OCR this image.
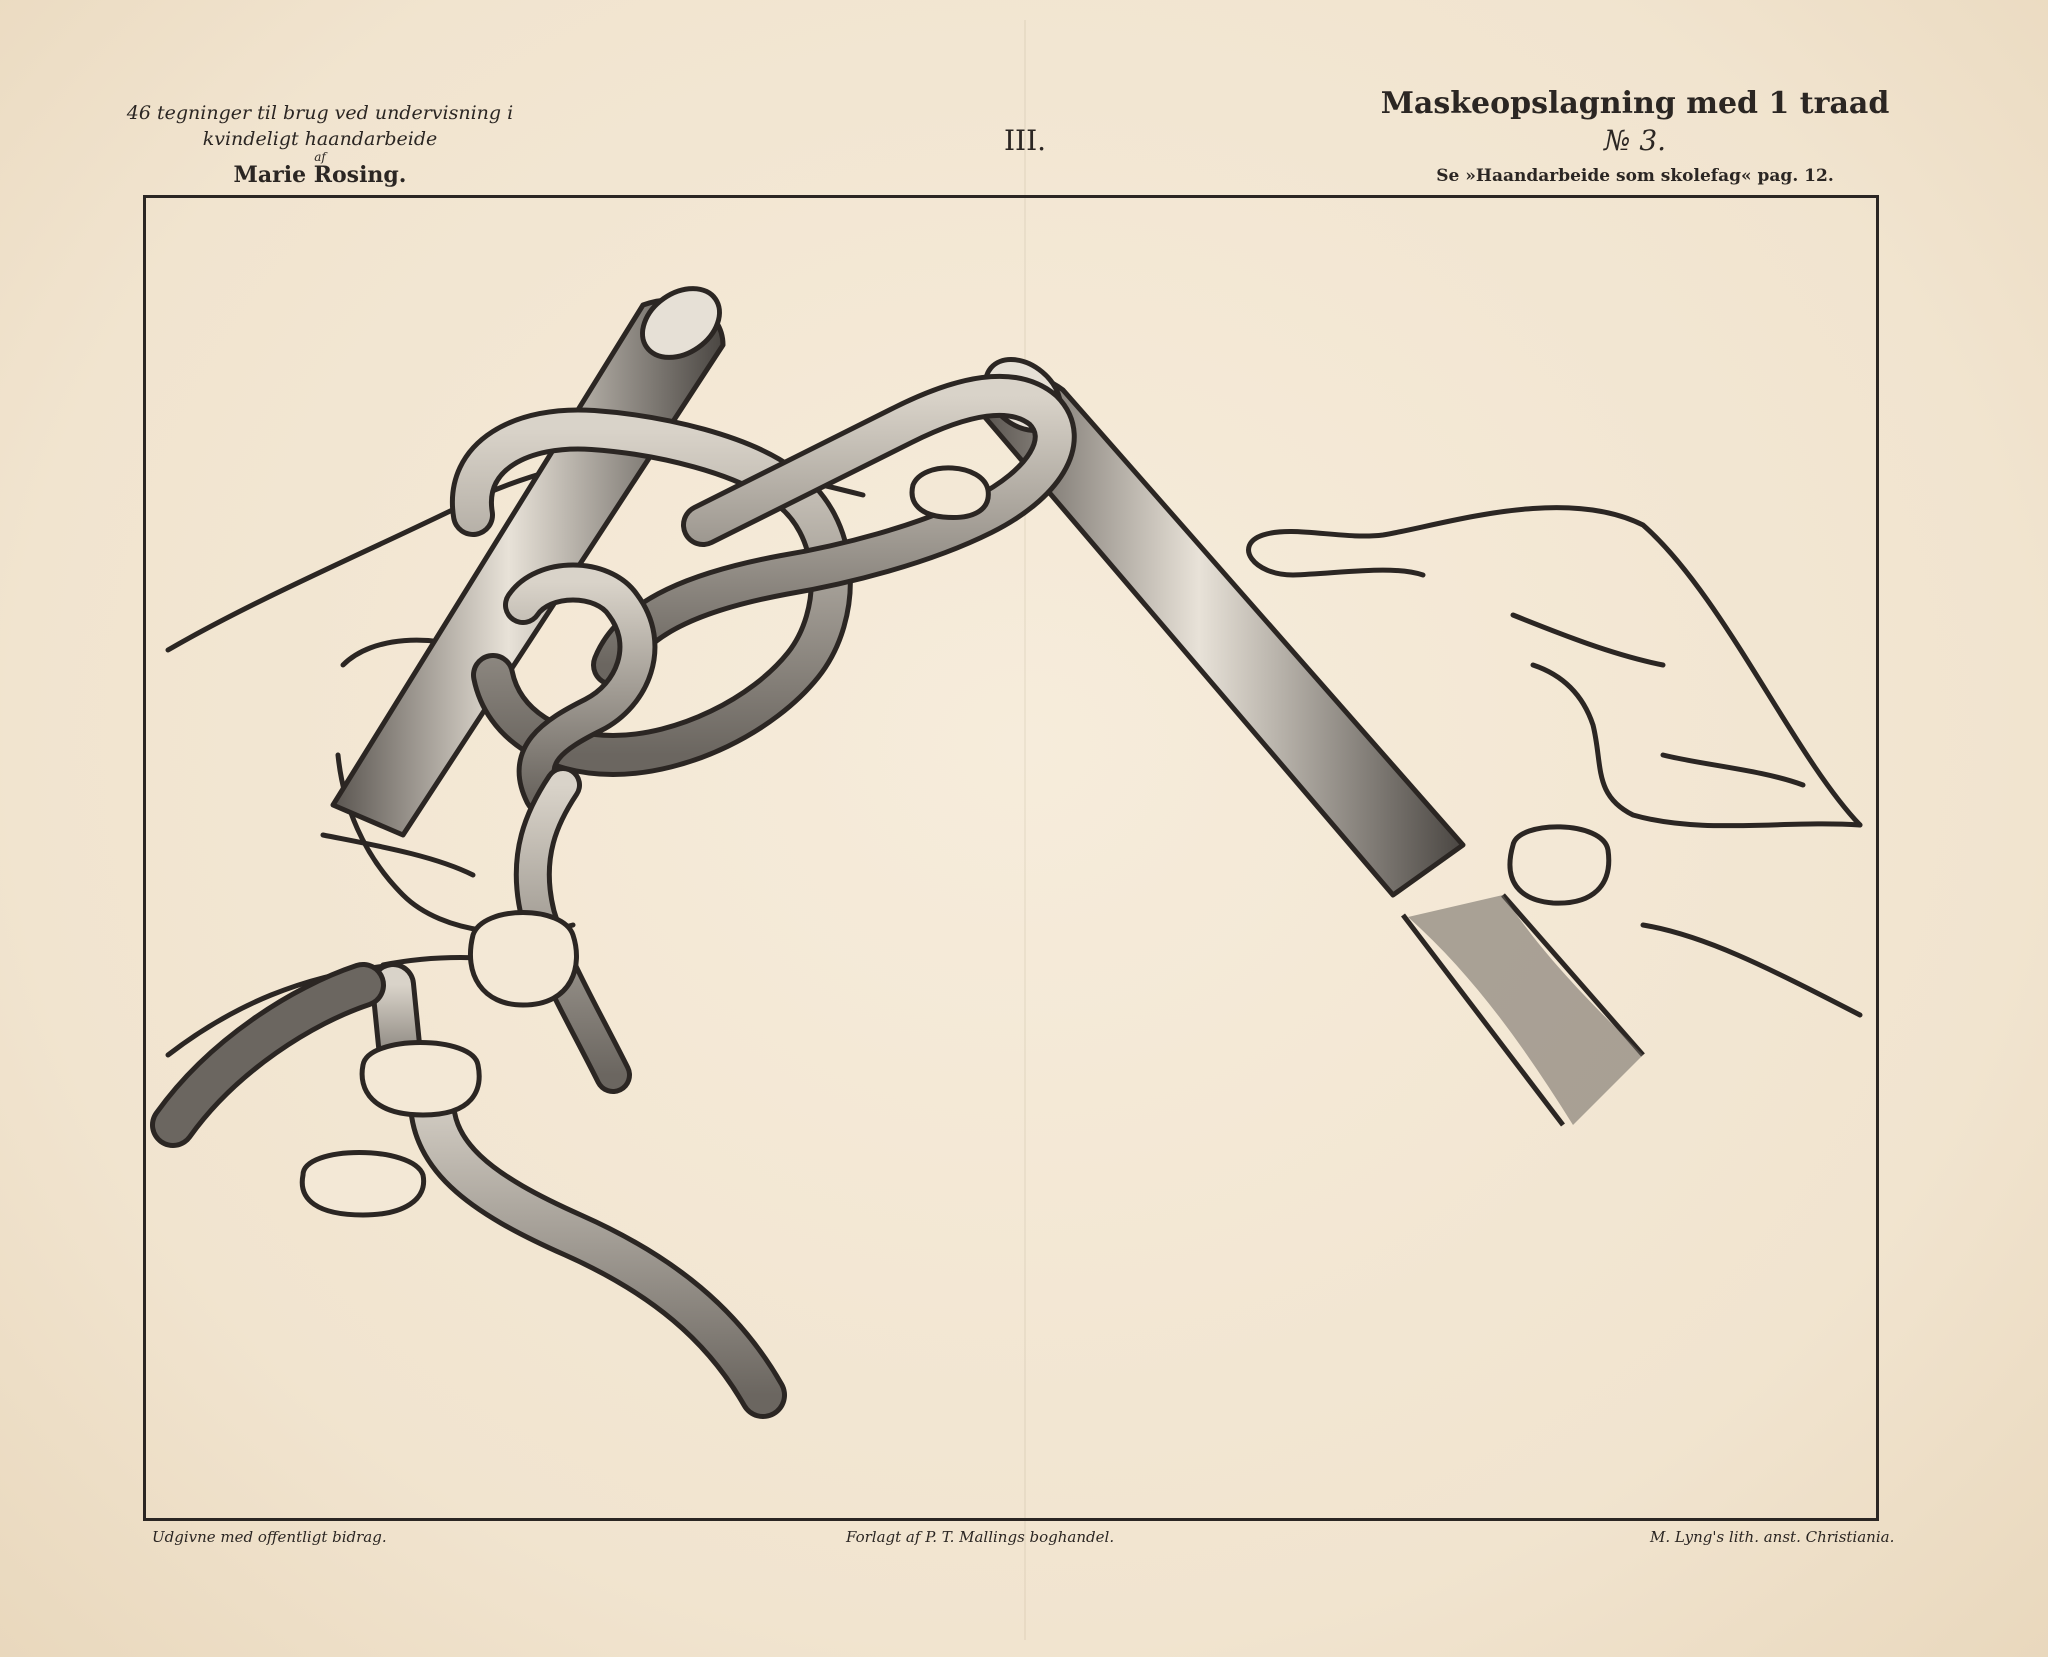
46 tegninger til brug ved undervisning i
kvindeligt haandarbeide
af
Marie Rosing.
III.
Maskeopslagning med 1 traad
№ 3.
Se »Haandarbeide som skolefag« pag. 12.
Udgivne med offentligt bidrag.	Forlagt af P. T. Mallings boghandel.	M. Lyng's lith. anst. Christiania.
